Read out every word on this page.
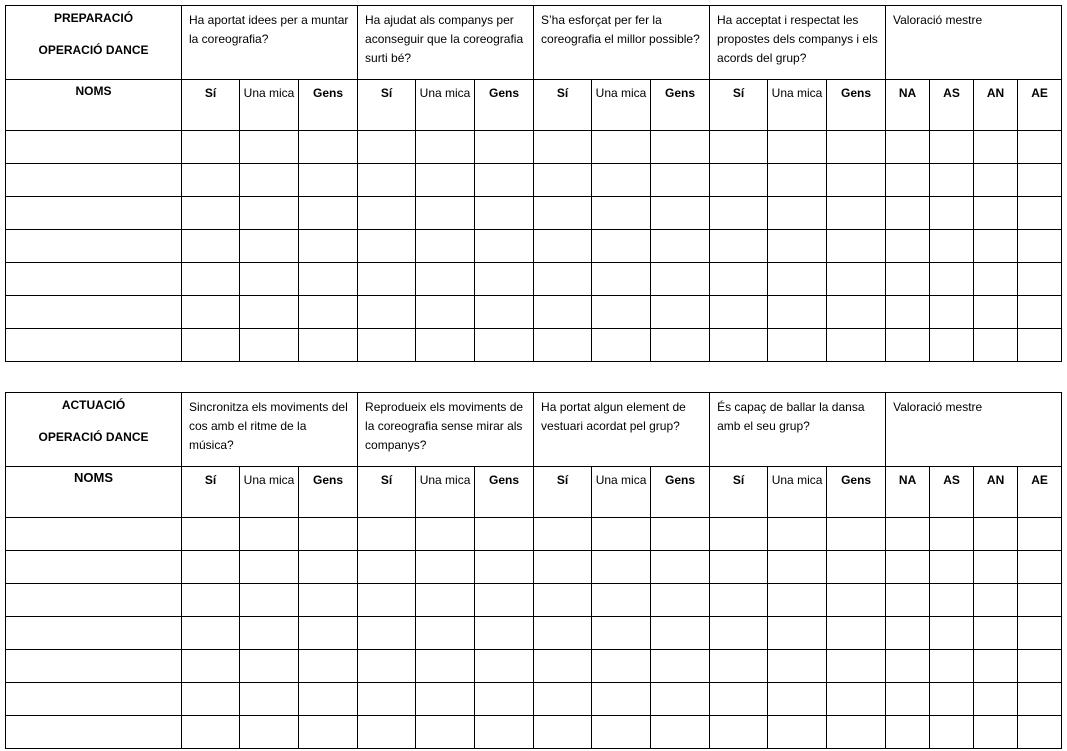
PREPARACIÓ
OPERACIÓ DANCE	Ha aportat idees per a muntar la coreografia?			Ha ajudat als companys per aconseguir que la coreografia surti bé?			S’ha esforçat per fer la coreografia el millor possible?			Ha acceptat i respectat les propostes dels companys i els acords del grup?			Valoració mestre			
NOMS	Sí	Una mica	Gens	Sí	Una mica	Gens	Sí	Una mica	Gens	Sí	Una mica	Gens	NA	AS	AN	AE

ACTUACIÓ
OPERACIÓ DANCE	Sincronitza els moviments del cos amb el ritme de la música?			Reprodueix els moviments de la coreografia sense mirar als companys?			Ha portat algun element de vestuari acordat pel grup?			És capaç de ballar la dansa amb el seu grup?			Valoració mestre			
NOMS	Sí	Una mica	Gens	Sí	Una mica	Gens	Sí	Una mica	Gens	Sí	Una mica	Gens	NA	AS	AN	AE
